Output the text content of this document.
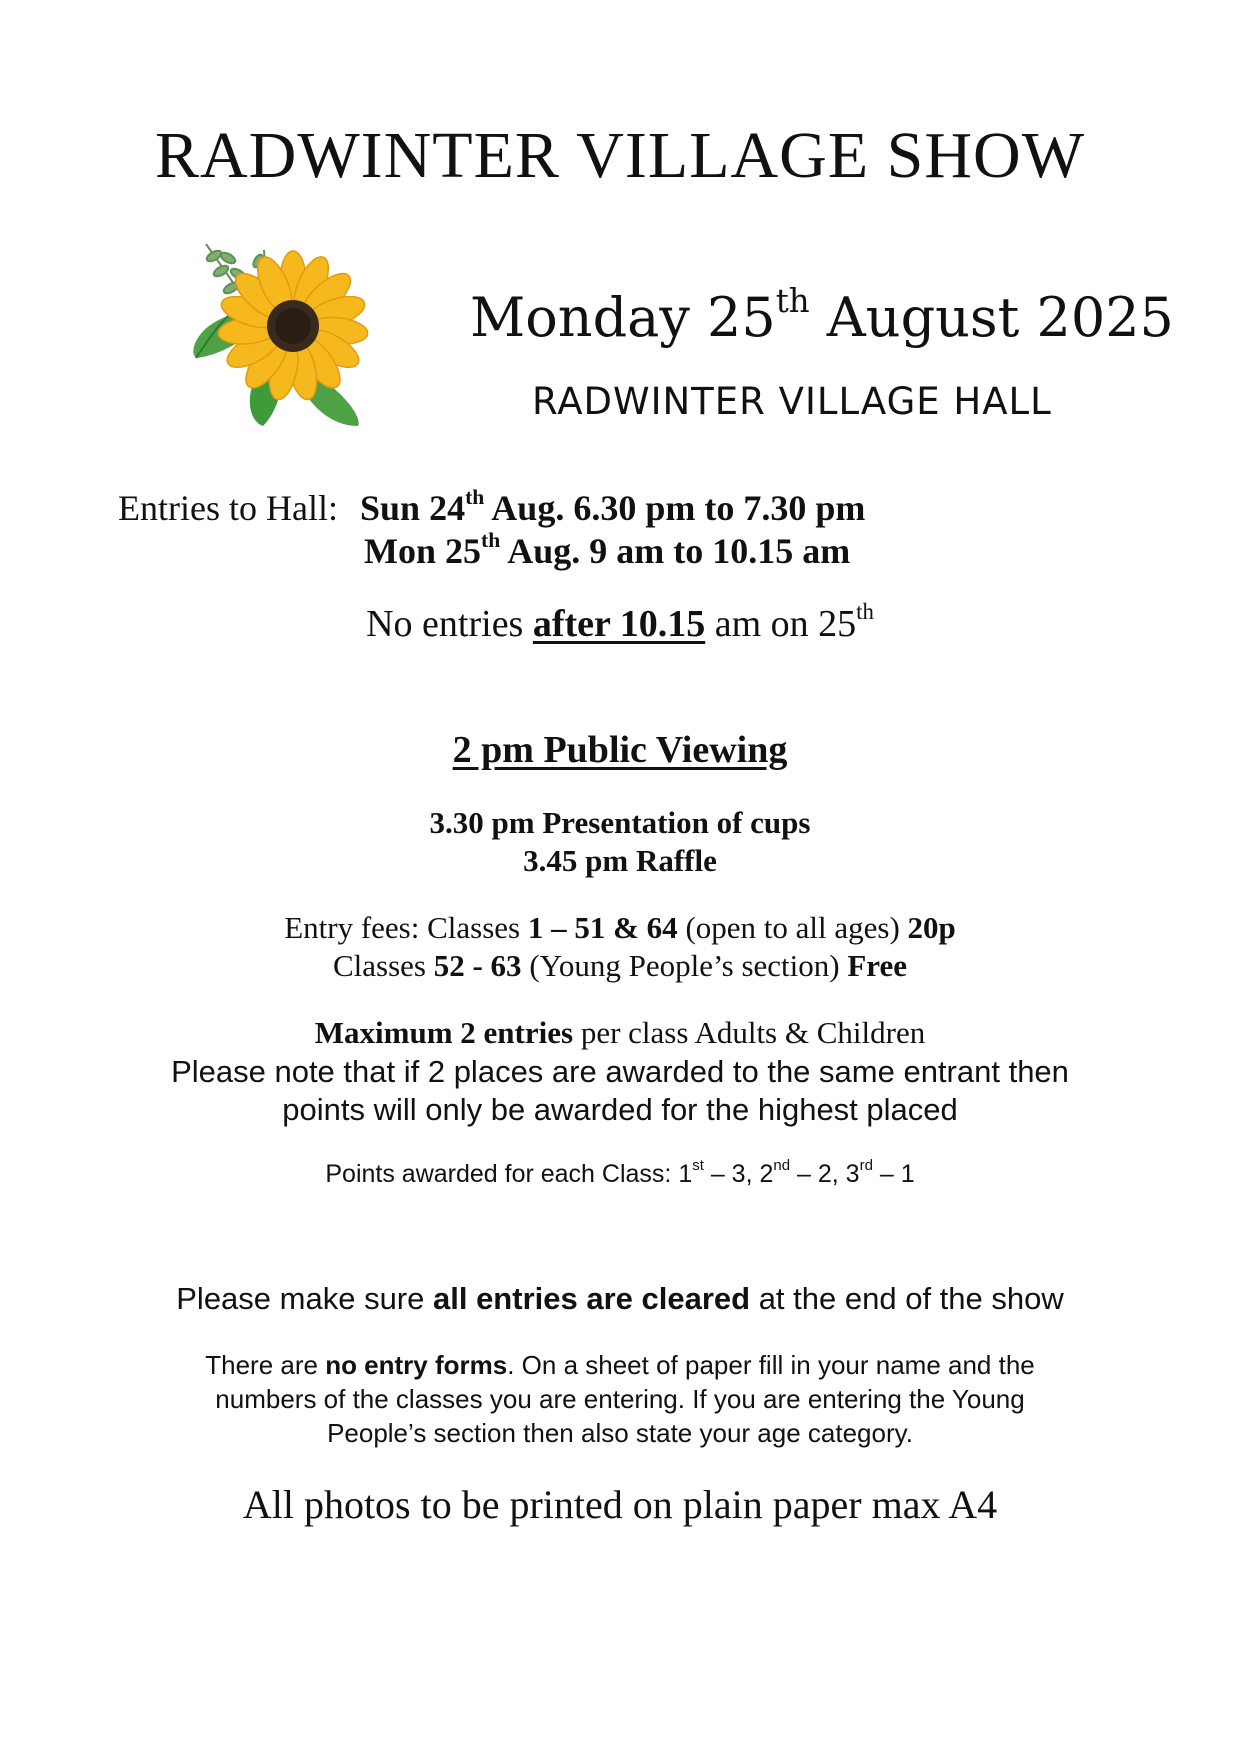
RADWINTER VILLAGE SHOW
Monday 25th August 2025
RADWINTER VILLAGE HALL
Entries to Hall: Sun 24th Aug. 6.30 pm to 7.30 pm
Mon 25th Aug. 9 am to 10.15 am
No entries after 10.15 am on 25th
2 pm Public Viewing
3.30 pm Presentation of cups
3.45 pm Raffle
Entry fees: Classes 1 – 51 & 64 (open to all ages) 20p
Classes 52 - 63 (Young People’s section) Free
Maximum 2 entries per class Adults & Children
Please note that if 2 places are awarded to the same entrant then
points will only be awarded for the highest placed
Points awarded for each Class: 1st – 3, 2nd – 2, 3rd – 1
Please make sure all entries are cleared at the end of the show
There are no entry forms. On a sheet of paper fill in your name and the
numbers of the classes you are entering. If you are entering the Young
People’s section then also state your age category.
All photos to be printed on plain paper max A4
